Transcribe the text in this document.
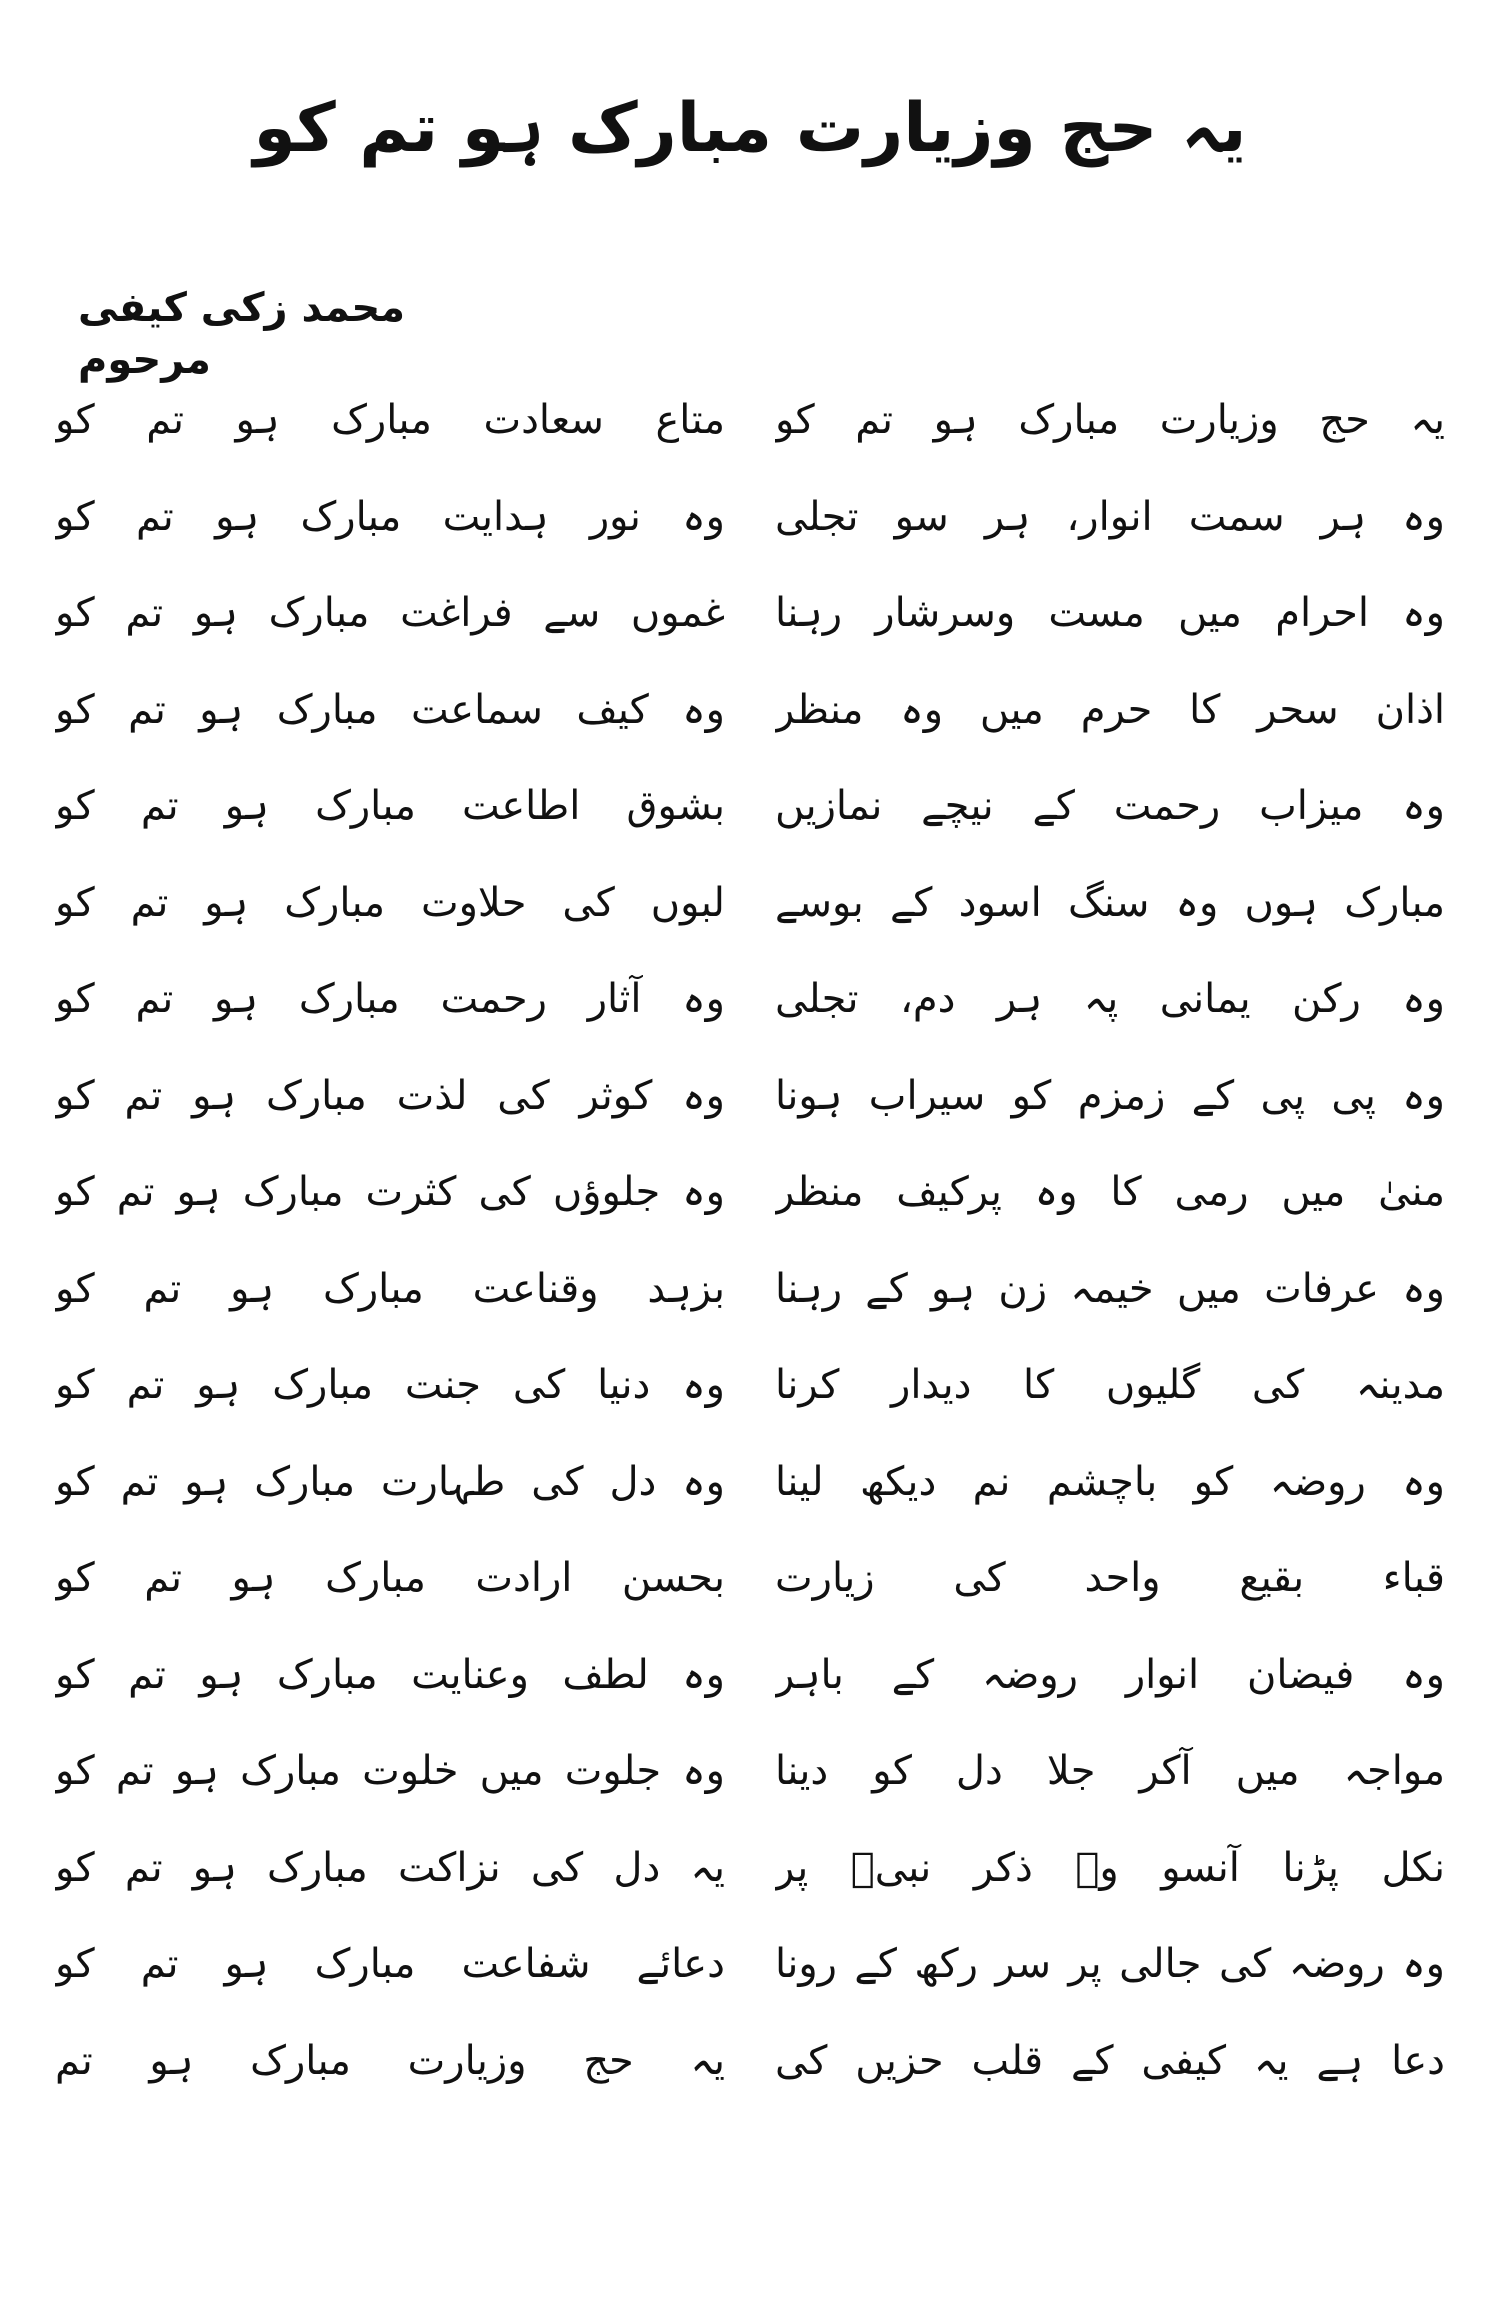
یہ حج وزیارت مبارک ہو تم کو
محمد زکی کیفی مرحوم
یہ حج وزیارت مبارک ہو تم کو
متاع سعادت مبارک ہو تم کو
وہ ہر سمت انوار، ہر سو تجلی
وہ نور ہدایت مبارک ہو تم کو
وہ احرام میں مست وسرشار رہنا
غموں سے فراغت مبارک ہو تم کو
اذان سحر کا حرم میں وہ منظر
وہ کیف سماعت مبارک ہو تم کو
وہ میزاب رحمت کے نیچے نمازیں
بشوق اطاعت مبارک ہو تم کو
مبارک ہوں وہ سنگ اسود کے بوسے
لبوں کی حلاوت مبارک ہو تم کو
وہ رکن یمانی پہ ہر دم، تجلی
وہ آثار رحمت مبارک ہو تم کو
وہ پی پی کے زمزم کو سیراب ہونا
وہ کوثر کی لذت مبارک ہو تم کو
منیٰ میں رمی کا وہ پرکیف منظر
وہ جلوؤں کی کثرت مبارک ہو تم کو
وہ عرفات میں خیمہ زن ہو کے رہنا
بزہد وقناعت مبارک ہو تم کو
مدینہ کی گلیوں کا دیدار کرنا
وہ دنیا کی جنت مبارک ہو تم کو
وہ روضہ کو باچشم نم دیکھ لینا
وہ دل کی طہارت مبارک ہو تم کو
قباء بقیع واحد کی زیارت
بحسن ارادت مبارک ہو تم کو
وہ فیضان انوار روضہ کے باہر
وہ لطف وعنایت مبارک ہو تم کو
مواجہ میں آکر جلا دل کو دینا
وہ جلوت میں خلوت مبارک ہو تم کو
نکل پڑنا آنسو وہ ذکر نبیؐ پر
یہ دل کی نزاکت مبارک ہو تم کو
وہ روضہ کی جالی پر سر رکھ کے رونا
دعائے شفاعت مبارک ہو تم کو
دعا ہے یہ کیفی کے قلب حزیں کی
یہ حج وزیارت مبارک ہو تم
